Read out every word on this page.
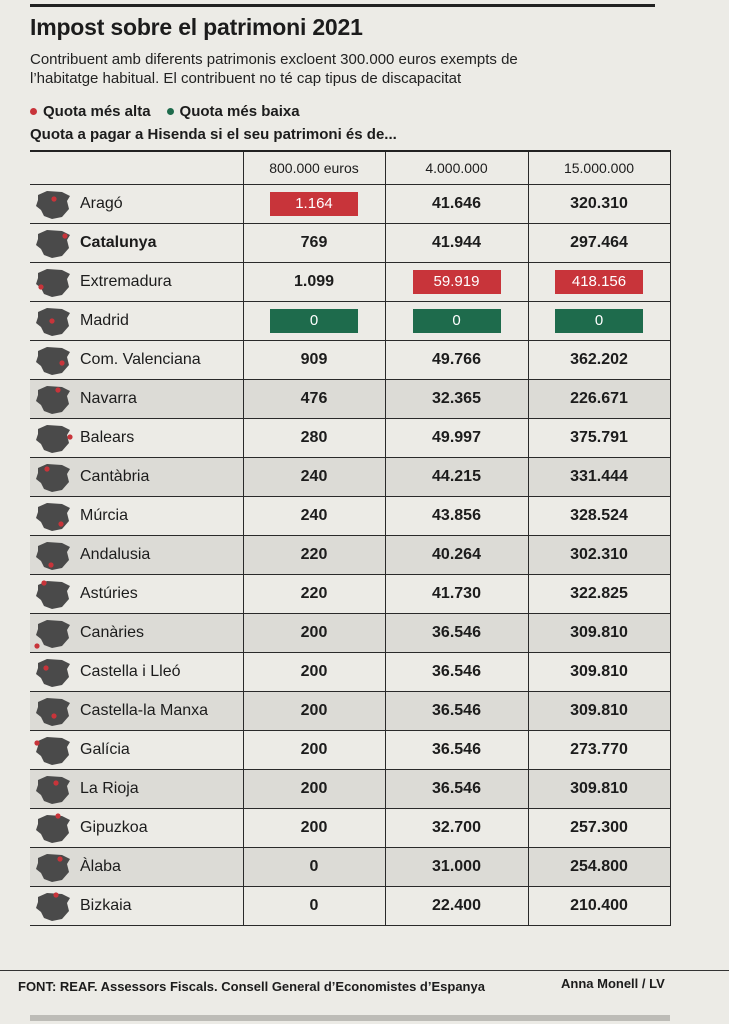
Impost sobre el patrimoni 2021
Contribuent amb diferents patrimonis excloent 300.000 euros exempts de l’habitatge habitual. El contribuent no té cap tipus de discapacitat
Quota més alta Quota més baixa
Quota a pagar a Hisenda si el seu patrimoni és de...
	800.000 euros	4.000.000	15.000.000

Aragó	1.164	41.646	320.310

Catalunya	769	41.944	297.464

Extremadura	1.099	59.919	418.156

Madrid	0	0	0

Com. Valenciana	909	49.766	362.202

Navarra	476	32.365	226.671

Balears	280	49.997	375.791

Cantàbria	240	44.215	331.444

Múrcia	240	43.856	328.524

Andalusia	220	40.264	302.310

Astúries	220	41.730	322.825

Canàries	200	36.546	309.810

Castella i Lleó	200	36.546	309.810

Castella-la Manxa	200	36.546	309.810

Galícia	200	36.546	273.770

La Rioja	200	36.546	309.810

Gipuzkoa	200	32.700	257.300

Àlaba	0	31.000	254.800

Bizkaia	0	22.400	210.400
FONT: REAF. Assessors Fiscals. Consell General d’Economistes d’Espanya	Anna Monell / LV
